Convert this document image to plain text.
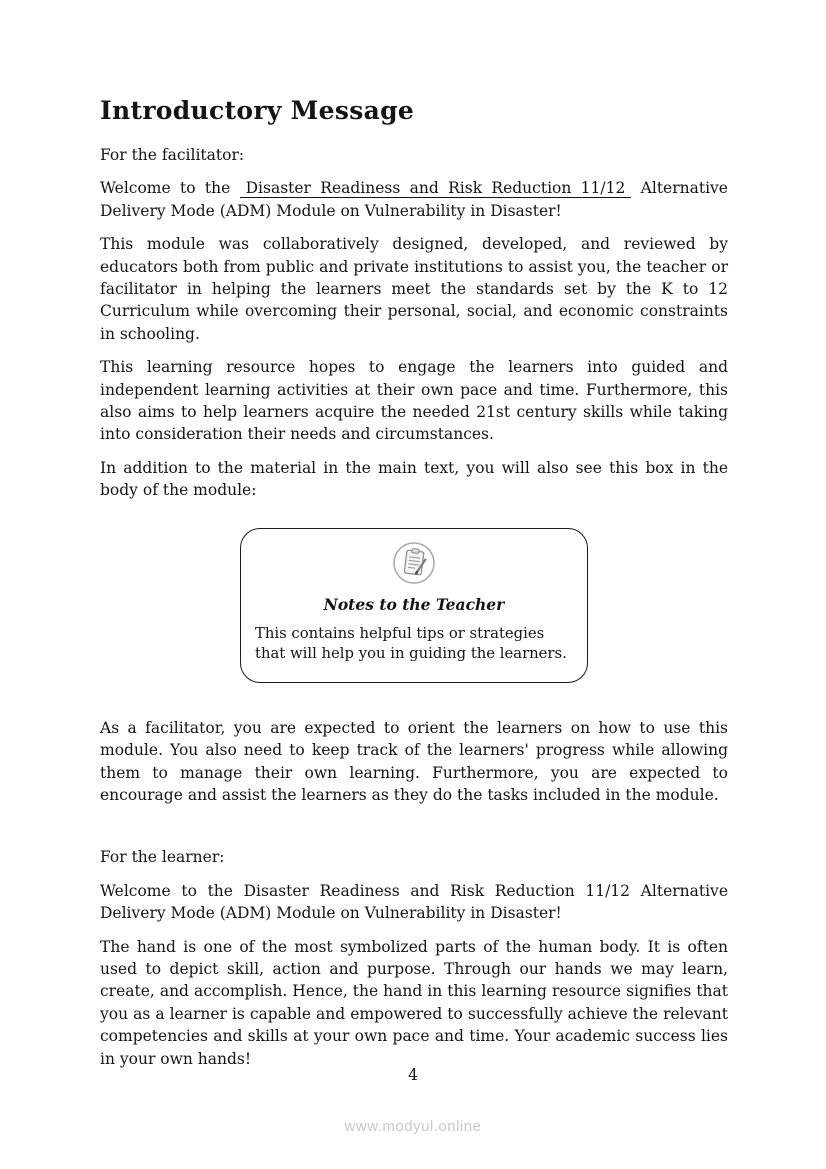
Introductory Message

For the facilitator:

Welcome to the Disaster Readiness and Risk Reduction 11/12 Alternative Delivery Mode (ADM) Module on Vulnerability in Disaster!

This module was collaboratively designed, developed, and reviewed by educators both from public and private institutions to assist you, the teacher or facilitator in helping the learners meet the standards set by the K to 12 Curriculum while overcoming their personal, social, and economic constraints in schooling.

This learning resource hopes to engage the learners into guided and independent learning activities at their own pace and time. Furthermore, this also aims to help learners acquire the needed 21st century skills while taking into consideration their needs and circumstances.

In addition to the material in the main text, you will also see this box in the body of the module:

Notes to the Teacher

This contains helpful tips or strategies that will help you in guiding the learners.

As a facilitator, you are expected to orient the learners on how to use this module. You also need to keep track of the learners' progress while allowing them to manage their own learning. Furthermore, you are expected to encourage and assist the learners as they do the tasks included in the module.

For the learner:

Welcome to the Disaster Readiness and Risk Reduction 11/12 Alternative Delivery Mode (ADM) Module on Vulnerability in Disaster!

The hand is one of the most symbolized parts of the human body. It is often used to depict skill, action and purpose. Through our hands we may learn, create, and accomplish. Hence, the hand in this learning resource signifies that you as a learner is capable and empowered to successfully achieve the relevant competencies and skills at your own pace and time. Your academic success lies in your own hands!

4
www.modyul.online
